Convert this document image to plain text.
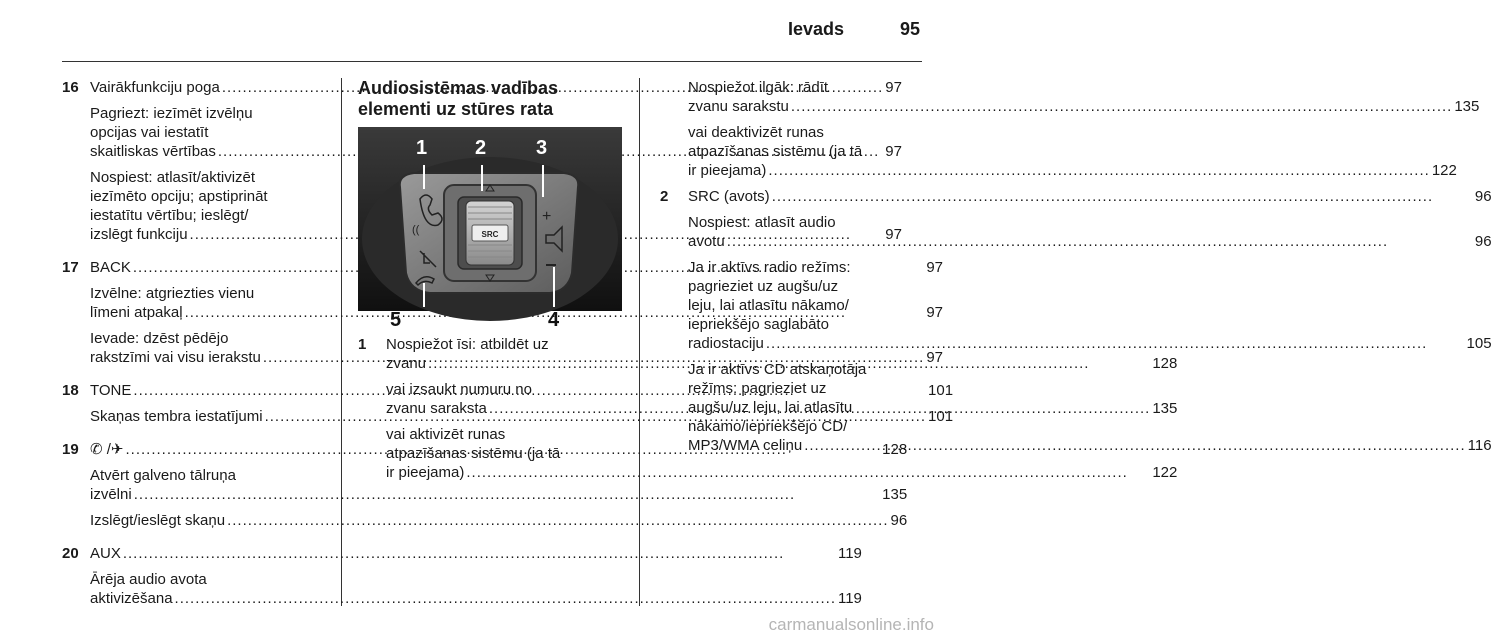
Ievads	95
16 Vairākfunkciju poga .....	97
Pagriezt: iezīmēt izvēlņu
opcijas vai iestatīt
skaitliskas vērtības .....	97
Nospiest: atlasīt/aktivizēt
iezīmēto opciju; apstiprināt
iestatītu vērtību; ieslēgt/
izslēgt funkciju .....	97
17 BACK .....	97
Izvēlne: atgriezties vienu
līmeni atpakaļ .....	97
Ievade: dzēst pēdējo
rakstzīmi vai visu ierakstu .....	97
18 TONE .....	101
Skaņas tembra iestatījumi .....	101
19 ✆ /✈ .....	128
Atvērt galveno tālruņa
izvēlni .....	135
Izslēgt/ieslēgt skaņu .....	96
20 AUX .....	119
Ārēja audio avota
aktivizēšana .....	119
Audiosistēmas vadības
elementi uz stūres rata
SRC
((
+
1 2 3
5	4
1	Nospiežot īsi: atbildēt uz
zvanu .....	128
vai izsaukt numuru no
zvanu saraksta .....	135
vai aktivizēt runas
atpazīšanas sistēmu (ja tā
ir pieejama) .....	122
Nospiežot ilgāk: rādīt
zvanu sarakstu .....	135
vai deaktivizēt runas
atpazīšanas sistēmu (ja tā
ir pieejama) .....	122
2	SRC (avots) .....	96
Nospiest: atlasīt audio
avotu .....	96
Ja ir aktīvs radio režīms:
pagrieziet uz augšu/uz
leju, lai atlasītu nākamo/
iepriekšējo saglabāto
radiostaciju .....	105
Ja ir aktīvs CD atskaņotāja
režīms: pagrieziet uz
augšu/uz leju, lai atlasītu
nākamo/iepriekšējo CD/
MP3/WMA celiņu .....	116
carmanualsonline.info
